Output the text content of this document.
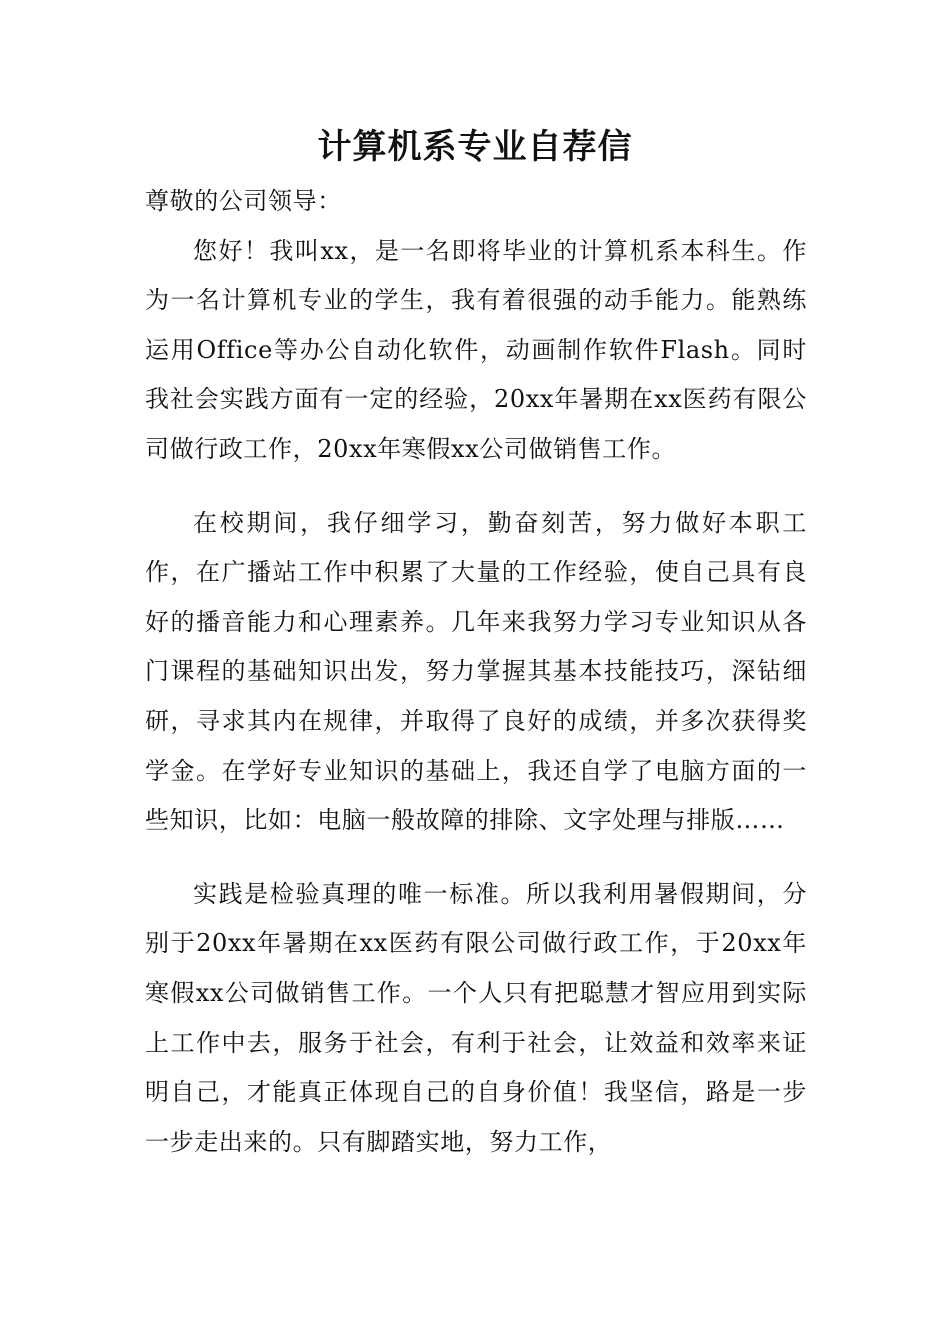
计算机系专业自荐信

尊敬的公司领导：

您好！我叫xx，是一名即将毕业的计算机系本科生。作为一名计算机专业的学生，我有着很强的动手能力。能熟练运用Office等办公自动化软件，动画制作软件Flash。同时我社会实践方面有一定的经验，20xx年暑期在xx医药有限公司做行政工作，20xx年寒假xx公司做销售工作。

在校期间，我仔细学习，勤奋刻苦，努力做好本职工作，在广播站工作中积累了大量的工作经验，使自己具有良好的播音能力和心理素养。几年来我努力学习专业知识从各门课程的基础知识出发，努力掌握其基本技能技巧，深钻细研，寻求其内在规律，并取得了良好的成绩，并多次获得奖学金。在学好专业知识的基础上，我还自学了电脑方面的一些知识，比如：电脑一般故障的排除、文字处理与排版……

实践是检验真理的唯一标准。所以我利用暑假期间，分别于20xx年暑期在xx医药有限公司做行政工作，于20xx年寒假xx公司做销售工作。一个人只有把聪慧才智应用到实际上工作中去，服务于社会，有利于社会，让效益和效率来证明自己，才能真正体现自己的自身价值！我坚信，路是一步一步走出来的。只有脚踏实地，努力工作，
